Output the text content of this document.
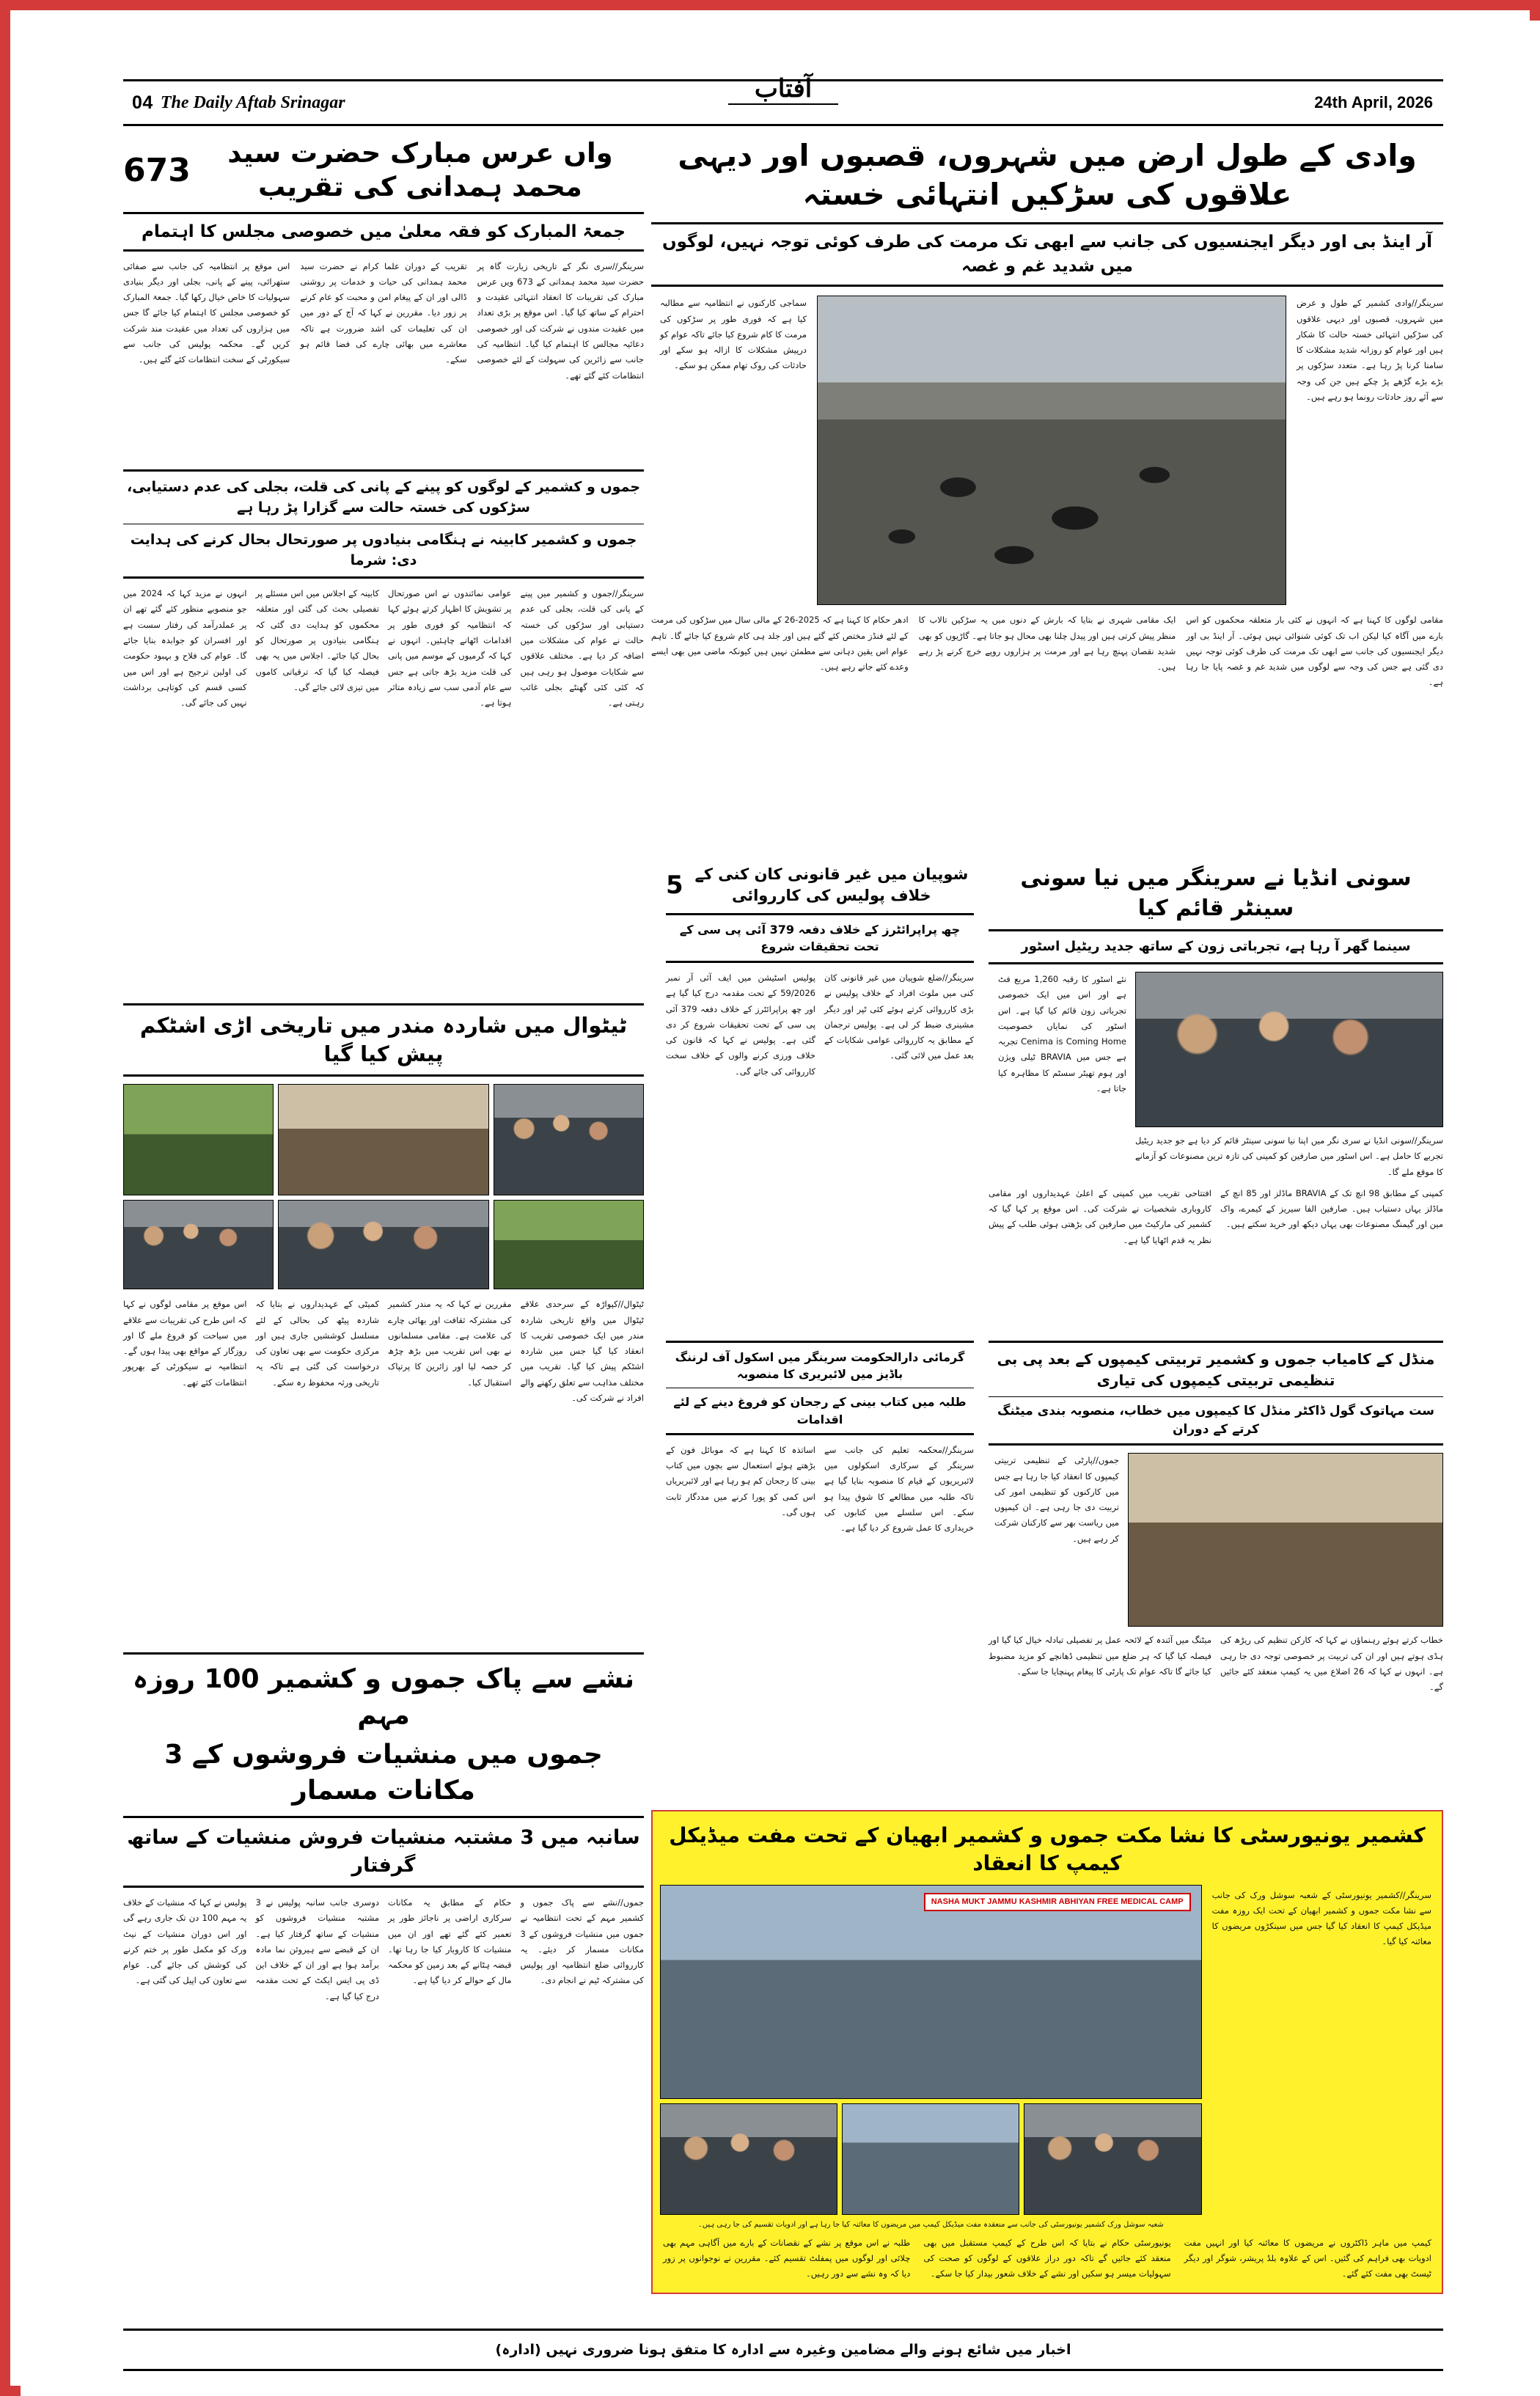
04 The Daily Aftab Srinagar	آفتاب	24th April, 2026
واں عرس مبارک حضرت سید محمد ہمدانی کی تقریب
673
جمعۃ المبارک کو فقہ معلیٰ میں خصوصی مجلس کا اہتمام
سرینگر//سری نگر کے تاریخی زیارت گاہ پر حضرت سید محمد ہمدانی کے 673 ویں عرس مبارک کی تقریبات کا انعقاد انتہائی عقیدت و احترام کے ساتھ کیا گیا۔ اس موقع پر بڑی تعداد میں عقیدت مندوں نے شرکت کی اور خصوصی دعائیہ مجالس کا اہتمام کیا گیا۔ انتظامیہ کی جانب سے زائرین کی سہولت کے لئے خصوصی انتظامات کئے گئے تھے۔
تقریب کے دوران علما کرام نے حضرت سید محمد ہمدانی کی حیات و خدمات پر روشنی ڈالی اور ان کے پیغام امن و محبت کو عام کرنے پر زور دیا۔ مقررین نے کہا کہ آج کے دور میں ان کی تعلیمات کی اشد ضرورت ہے تاکہ معاشرے میں بھائی چارے کی فضا قائم ہو سکے۔
اس موقع پر انتظامیہ کی جانب سے صفائی ستھرائی، پینے کے پانی، بجلی اور دیگر بنیادی سہولیات کا خاص خیال رکھا گیا۔ جمعۃ المبارک کو خصوصی مجلس کا اہتمام کیا جائے گا جس میں ہزاروں کی تعداد میں عقیدت مند شرکت کریں گے۔ محکمہ پولیس کی جانب سے سیکورٹی کے سخت انتظامات کئے گئے ہیں۔
وادی کے طول ارض میں شہروں، قصبوں اور دیہی علاقوں کی سڑکیں انتہائی خستہ
آر اینڈ بی اور دیگر ایجنسیوں کی جانب سے ابھی تک مرمت کی طرف کوئی توجہ نہیں، لوگوں میں شدید غم و غصہ
سرینگر//وادی کشمیر کے طول و عرض میں شہروں، قصبوں اور دیہی علاقوں کی سڑکیں انتہائی خستہ حالت کا شکار ہیں اور عوام کو روزانہ شدید مشکلات کا سامنا کرنا پڑ رہا ہے۔ متعدد سڑکوں پر بڑے بڑے گڑھے پڑ چکے ہیں جن کی وجہ سے آئے روز حادثات رونما ہو رہے ہیں۔
سماجی کارکنوں نے انتظامیہ سے مطالبہ کیا ہے کہ فوری طور پر سڑکوں کی مرمت کا کام شروع کیا جائے تاکہ عوام کو درپیش مشکلات کا ازالہ ہو سکے اور حادثات کی روک تھام ممکن ہو سکے۔
مقامی لوگوں کا کہنا ہے کہ انہوں نے کئی بار متعلقہ محکموں کو اس بارے میں آگاہ کیا لیکن اب تک کوئی شنوائی نہیں ہوئی۔ آر اینڈ بی اور دیگر ایجنسیوں کی جانب سے ابھی تک مرمت کی طرف کوئی توجہ نہیں دی گئی ہے جس کی وجہ سے لوگوں میں شدید غم و غصہ پایا جا رہا ہے۔
ایک مقامی شہری نے بتایا کہ بارش کے دنوں میں یہ سڑکیں تالاب کا منظر پیش کرتی ہیں اور پیدل چلنا بھی محال ہو جاتا ہے۔ گاڑیوں کو بھی شدید نقصان پہنچ رہا ہے اور مرمت پر ہزاروں روپے خرچ کرنے پڑ رہے ہیں۔
ادھر حکام کا کہنا ہے کہ 2025-26 کے مالی سال میں سڑکوں کی مرمت کے لئے فنڈز مختص کئے گئے ہیں اور جلد ہی کام شروع کیا جائے گا۔ تاہم عوام اس یقین دہانی سے مطمئن نہیں ہیں کیونکہ ماضی میں بھی ایسے وعدے کئے جاتے رہے ہیں۔
جموں و کشمیر کے لوگوں کو پینے کے پانی کی قلت، بجلی کی عدم دستیابی، سڑکوں کی خستہ حالت سے گزارا پڑ رہا ہے
جموں و کشمیر کابینہ نے ہنگامی بنیادوں پر صورتحال بحال کرنے کی ہدایت دی: شرما
سرینگر//جموں و کشمیر میں پینے کے پانی کی قلت، بجلی کی عدم دستیابی اور سڑکوں کی خستہ حالت نے عوام کی مشکلات میں اضافہ کر دیا ہے۔ مختلف علاقوں سے شکایات موصول ہو رہی ہیں کہ کئی کئی گھنٹے بجلی غائب رہتی ہے۔
عوامی نمائندوں نے اس صورتحال پر تشویش کا اظہار کرتے ہوئے کہا کہ انتظامیہ کو فوری طور پر اقدامات اٹھانے چاہئیں۔ انہوں نے کہا کہ گرمیوں کے موسم میں پانی کی قلت مزید بڑھ جاتی ہے جس سے عام آدمی سب سے زیادہ متاثر ہوتا ہے۔
کابینہ کے اجلاس میں اس مسئلے پر تفصیلی بحث کی گئی اور متعلقہ محکموں کو ہدایت دی گئی کہ ہنگامی بنیادوں پر صورتحال کو بحال کیا جائے۔ اجلاس میں یہ بھی فیصلہ کیا گیا کہ ترقیاتی کاموں میں تیزی لائی جائے گی۔
انہوں نے مزید کہا کہ 2024 میں جو منصوبے منظور کئے گئے تھے ان پر عملدرآمد کی رفتار سست ہے اور افسران کو جوابدہ بنایا جائے گا۔ عوام کی فلاح و بہبود حکومت کی اولین ترجیح ہے اور اس میں کسی قسم کی کوتاہی برداشت نہیں کی جائے گی۔
شوپیان میں غیر قانونی کان کنی کے خلاف پولیس کی کارروائی
5
چھ پراپرائٹرز کے خلاف دفعہ 379 آئی پی سی کے تحت تحقیقات شروع
سرینگر//ضلع شوپیان میں غیر قانونی کان کنی میں ملوث افراد کے خلاف پولیس نے بڑی کارروائی کرتے ہوئے کئی ٹپر اور دیگر مشینری ضبط کر لی ہے۔ پولیس ترجمان کے مطابق یہ کارروائی عوامی شکایات کے بعد عمل میں لائی گئی۔
پولیس اسٹیشن میں ایف آئی آر نمبر 59/2026 کے تحت مقدمہ درج کیا گیا ہے اور چھ پراپرائٹرز کے خلاف دفعہ 379 آئی پی سی کے تحت تحقیقات شروع کر دی گئی ہے۔ پولیس نے کہا کہ قانون کی خلاف ورزی کرنے والوں کے خلاف سخت کارروائی کی جائے گی۔
سونی انڈیا نے سرینگر میں نیا سونی سینٹر قائم کیا
سینما گھر آ رہا ہے، تجرباتی زون کے ساتھ جدید ریٹیل اسٹور
سرینگر//سونی انڈیا نے سری نگر میں اپنا نیا سونی سینٹر قائم کر دیا ہے جو جدید ریٹیل تجربے کا حامل ہے۔ اس اسٹور میں صارفین کو کمپنی کی تازہ ترین مصنوعات کو آزمانے کا موقع ملے گا۔
نئے اسٹور کا رقبہ 1,260 مربع فٹ ہے اور اس میں ایک خصوصی تجرباتی زون قائم کیا گیا ہے۔ اس اسٹور کی نمایاں خصوصیت Cenima is Coming Home تجربہ ہے جس میں BRAVIA ٹیلی ویژن اور ہوم تھیٹر سسٹم کا مظاہرہ کیا جاتا ہے۔
کمپنی کے مطابق 98 انچ تک کے BRAVIA ماڈلز اور 85 انچ کے ماڈلز یہاں دستیاب ہیں۔ صارفین الفا سیریز کے کیمرے، واک مین اور گیمنگ مصنوعات بھی یہاں دیکھ اور خرید سکتے ہیں۔
افتتاحی تقریب میں کمپنی کے اعلیٰ عہدیداروں اور مقامی کاروباری شخصیات نے شرکت کی۔ اس موقع پر کہا گیا کہ کشمیر کی مارکیٹ میں صارفین کی بڑھتی ہوئی طلب کے پیش نظر یہ قدم اٹھایا گیا ہے۔
ٹیٹوال میں شاردہ مندر میں تاریخی اڑی اشٹکم پیش کیا گیا
ٹیٹوال//کپواڑہ کے سرحدی علاقے ٹیٹوال میں واقع تاریخی شاردہ مندر میں ایک خصوصی تقریب کا انعقاد کیا گیا جس میں شاردہ اشٹکم پیش کیا گیا۔ تقریب میں مختلف مذاہب سے تعلق رکھنے والے افراد نے شرکت کی۔
مقررین نے کہا کہ یہ مندر کشمیر کی مشترکہ ثقافت اور بھائی چارے کی علامت ہے۔ مقامی مسلمانوں نے بھی اس تقریب میں بڑھ چڑھ کر حصہ لیا اور زائرین کا پرتپاک استقبال کیا۔
کمیٹی کے عہدیداروں نے بتایا کہ شاردہ پیٹھ کی بحالی کے لئے مسلسل کوششیں جاری ہیں اور مرکزی حکومت سے بھی تعاون کی درخواست کی گئی ہے تاکہ یہ تاریخی ورثہ محفوظ رہ سکے۔
اس موقع پر مقامی لوگوں نے کہا کہ اس طرح کی تقریبات سے علاقے میں سیاحت کو فروغ ملے گا اور روزگار کے مواقع بھی پیدا ہوں گے۔ انتظامیہ نے سیکورٹی کے بھرپور انتظامات کئے تھے۔
گرمائی دارالحکومت سرینگر میں اسکول آف لرننگ باڈیز میں لائبریری کا منصوبہ
طلبہ میں کتاب بینی کے رجحان کو فروغ دینے کے لئے اقدامات
سرینگر//محکمہ تعلیم کی جانب سے سرینگر کے سرکاری اسکولوں میں لائبریریوں کے قیام کا منصوبہ بنایا گیا ہے تاکہ طلبہ میں مطالعے کا شوق پیدا ہو سکے۔ اس سلسلے میں کتابوں کی خریداری کا عمل شروع کر دیا گیا ہے۔
اساتذہ کا کہنا ہے کہ موبائل فون کے بڑھتے ہوئے استعمال سے بچوں میں کتاب بینی کا رجحان کم ہو رہا ہے اور لائبریریاں اس کمی کو پورا کرنے میں مددگار ثابت ہوں گی۔
منڈل کے کامیاب جموں و کشمیر تربیتی کیمپوں کے بعد پی بی تنظیمی تربیتی کیمپوں کی تیاری
ست مہاتوک گول ڈاکٹر منڈل کا کیمپوں میں خطاب، منصوبہ بندی میٹنگ کرتے کے دوران
جموں//پارٹی کے تنظیمی تربیتی کیمپوں کا انعقاد کیا جا رہا ہے جس میں کارکنوں کو تنظیمی امور کی تربیت دی جا رہی ہے۔ ان کیمپوں میں ریاست بھر سے کارکنان شرکت کر رہے ہیں۔
خطاب کرتے ہوئے رہنماؤں نے کہا کہ کارکن تنظیم کی ریڑھ کی ہڈی ہوتے ہیں اور ان کی تربیت پر خصوصی توجہ دی جا رہی ہے۔ انہوں نے کہا کہ 26 اضلاع میں یہ کیمپ منعقد کئے جائیں گے۔
میٹنگ میں آئندہ کے لائحہ عمل پر تفصیلی تبادلہ خیال کیا گیا اور فیصلہ کیا گیا کہ ہر ضلع میں تنظیمی ڈھانچے کو مزید مضبوط کیا جائے گا تاکہ عوام تک پارٹی کا پیغام پہنچایا جا سکے۔
نشے سے پاک جموں و کشمیر 100 روزہ مہم
جموں میں منشیات فروشوں کے 3 مکانات مسمار
سانبہ میں 3 مشتبہ منشیات فروش منشیات کے ساتھ گرفتار
جموں//نشے سے پاک جموں و کشمیر مہم کے تحت انتظامیہ نے جموں میں منشیات فروشوں کے 3 مکانات مسمار کر دیئے۔ یہ کارروائی ضلع انتظامیہ اور پولیس کی مشترکہ ٹیم نے انجام دی۔
حکام کے مطابق یہ مکانات سرکاری اراضی پر ناجائز طور پر تعمیر کئے گئے تھے اور ان میں منشیات کا کاروبار کیا جا رہا تھا۔ قبضہ ہٹانے کے بعد زمین کو محکمہ مال کے حوالے کر دیا گیا ہے۔
دوسری جانب سانبہ پولیس نے 3 مشتبہ منشیات فروشوں کو منشیات کے ساتھ گرفتار کیا ہے۔ ان کے قبضے سے ہیروئن نما مادہ برآمد ہوا ہے اور ان کے خلاف این ڈی پی ایس ایکٹ کے تحت مقدمہ درج کیا گیا ہے۔
پولیس نے کہا کہ منشیات کے خلاف یہ مہم 100 دن تک جاری رہے گی اور اس دوران منشیات کے نیٹ ورک کو مکمل طور پر ختم کرنے کی کوشش کی جائے گی۔ عوام سے تعاون کی اپیل کی گئی ہے۔
کشمیر یونیورسٹی کا نشا مکت جموں و کشمیر ابھیان کے تحت مفت میڈیکل کیمپ کا انعقاد
سرینگر//کشمیر یونیورسٹی کے شعبہ سوشل ورک کی جانب سے نشا مکت جموں و کشمیر ابھیان کے تحت ایک روزہ مفت میڈیکل کیمپ کا انعقاد کیا گیا جس میں سینکڑوں مریضوں کا معائنہ کیا گیا۔
NASHA MUKT JAMMU KASHMIR ABHIYAN FREE MEDICAL CAMP
شعبہ سوشل ورک کشمیر یونیورسٹی کی جانب سے منعقدہ مفت میڈیکل کیمپ میں مریضوں کا معائنہ کیا جا رہا ہے اور ادویات تقسیم کی جا رہی ہیں۔
کیمپ میں ماہر ڈاکٹروں نے مریضوں کا معائنہ کیا اور انہیں مفت ادویات بھی فراہم کی گئیں۔ اس کے علاوہ بلڈ پریشر، شوگر اور دیگر ٹیسٹ بھی مفت کئے گئے۔
یونیورسٹی حکام نے بتایا کہ اس طرح کے کیمپ مستقبل میں بھی منعقد کئے جائیں گے تاکہ دور دراز علاقوں کے لوگوں کو صحت کی سہولیات میسر ہو سکیں اور نشے کے خلاف شعور بیدار کیا جا سکے۔
طلبہ نے اس موقع پر نشے کے نقصانات کے بارے میں آگاہی مہم بھی چلائی اور لوگوں میں پمفلٹ تقسیم کئے۔ مقررین نے نوجوانوں پر زور دیا کہ وہ نشے سے دور رہیں۔
اخبار میں شائع ہونے والے مضامین وغیرہ سے ادارہ کا متفق ہونا ضروری نہیں (ادارہ)
